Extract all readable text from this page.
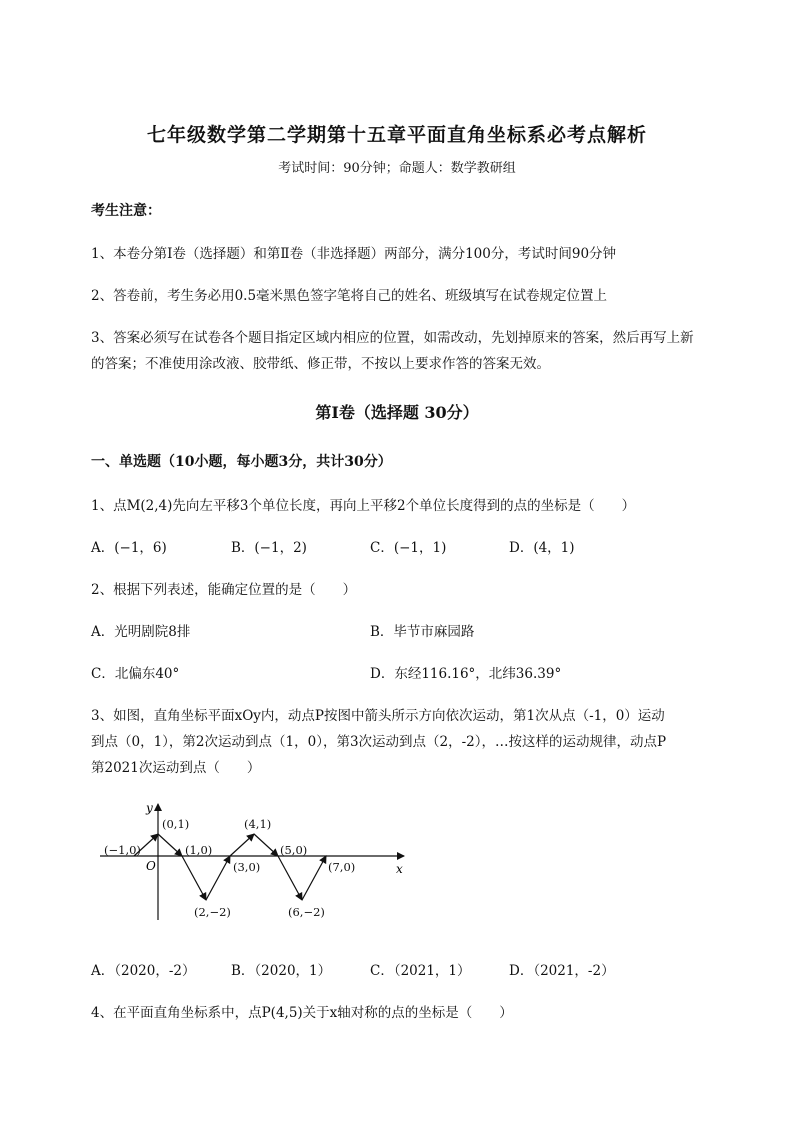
七年级数学第二学期第十五章平面直角坐标系必考点解析
考试时间：90分钟；命题人：数学教研组
考生注意：
1、本卷分第I卷（选择题）和第Ⅱ卷（非选择题）两部分，满分100分，考试时间90分钟
2、答卷前，考生务必用0.5毫米黑色签字笔将自己的姓名、班级填写在试卷规定位置上
3、答案必须写在试卷各个题目指定区域内相应的位置，如需改动，先划掉原来的答案，然后再写上新
的答案；不准使用涂改液、胶带纸、修正带，不按以上要求作答的答案无效。
第I卷（选择题 30分）
一、单选题（10小题，每小题3分，共计30分）
1、点M(2,4)先向左平移3个单位长度，再向上平移2个单位长度得到的点的坐标是（　　）
A．(−1，6)	B．(−1，2)	C．(−1，1)	D．(4，1)
2、根据下列表述，能确定位置的是（　　）
A．光明剧院8排	B．毕节市麻园路
C．北偏东40°	D．东经116.16°，北纬36.39°
3、如图，直角坐标平面xOy内，动点P按图中箭头所示方向依次运动，第1次从点（-1，0）运动
到点（0，1），第2次运动到点（1，0），第3次运动到点（2，-2），…按这样的运动规律，动点P
第2021次运动到点（　　）
y
x
O
(−1,0)
(0,1)
(1,0)
(2,−2)
(3,0)
(4,1)
(5,0)
(6,−2)
(7,0)
A．（2020，-2）	B．（2020，1）	C．（2021，1）	D．（2021，-2）
4、在平面直角坐标系中，点P(4,5)关于x轴对称的点的坐标是（　　）
